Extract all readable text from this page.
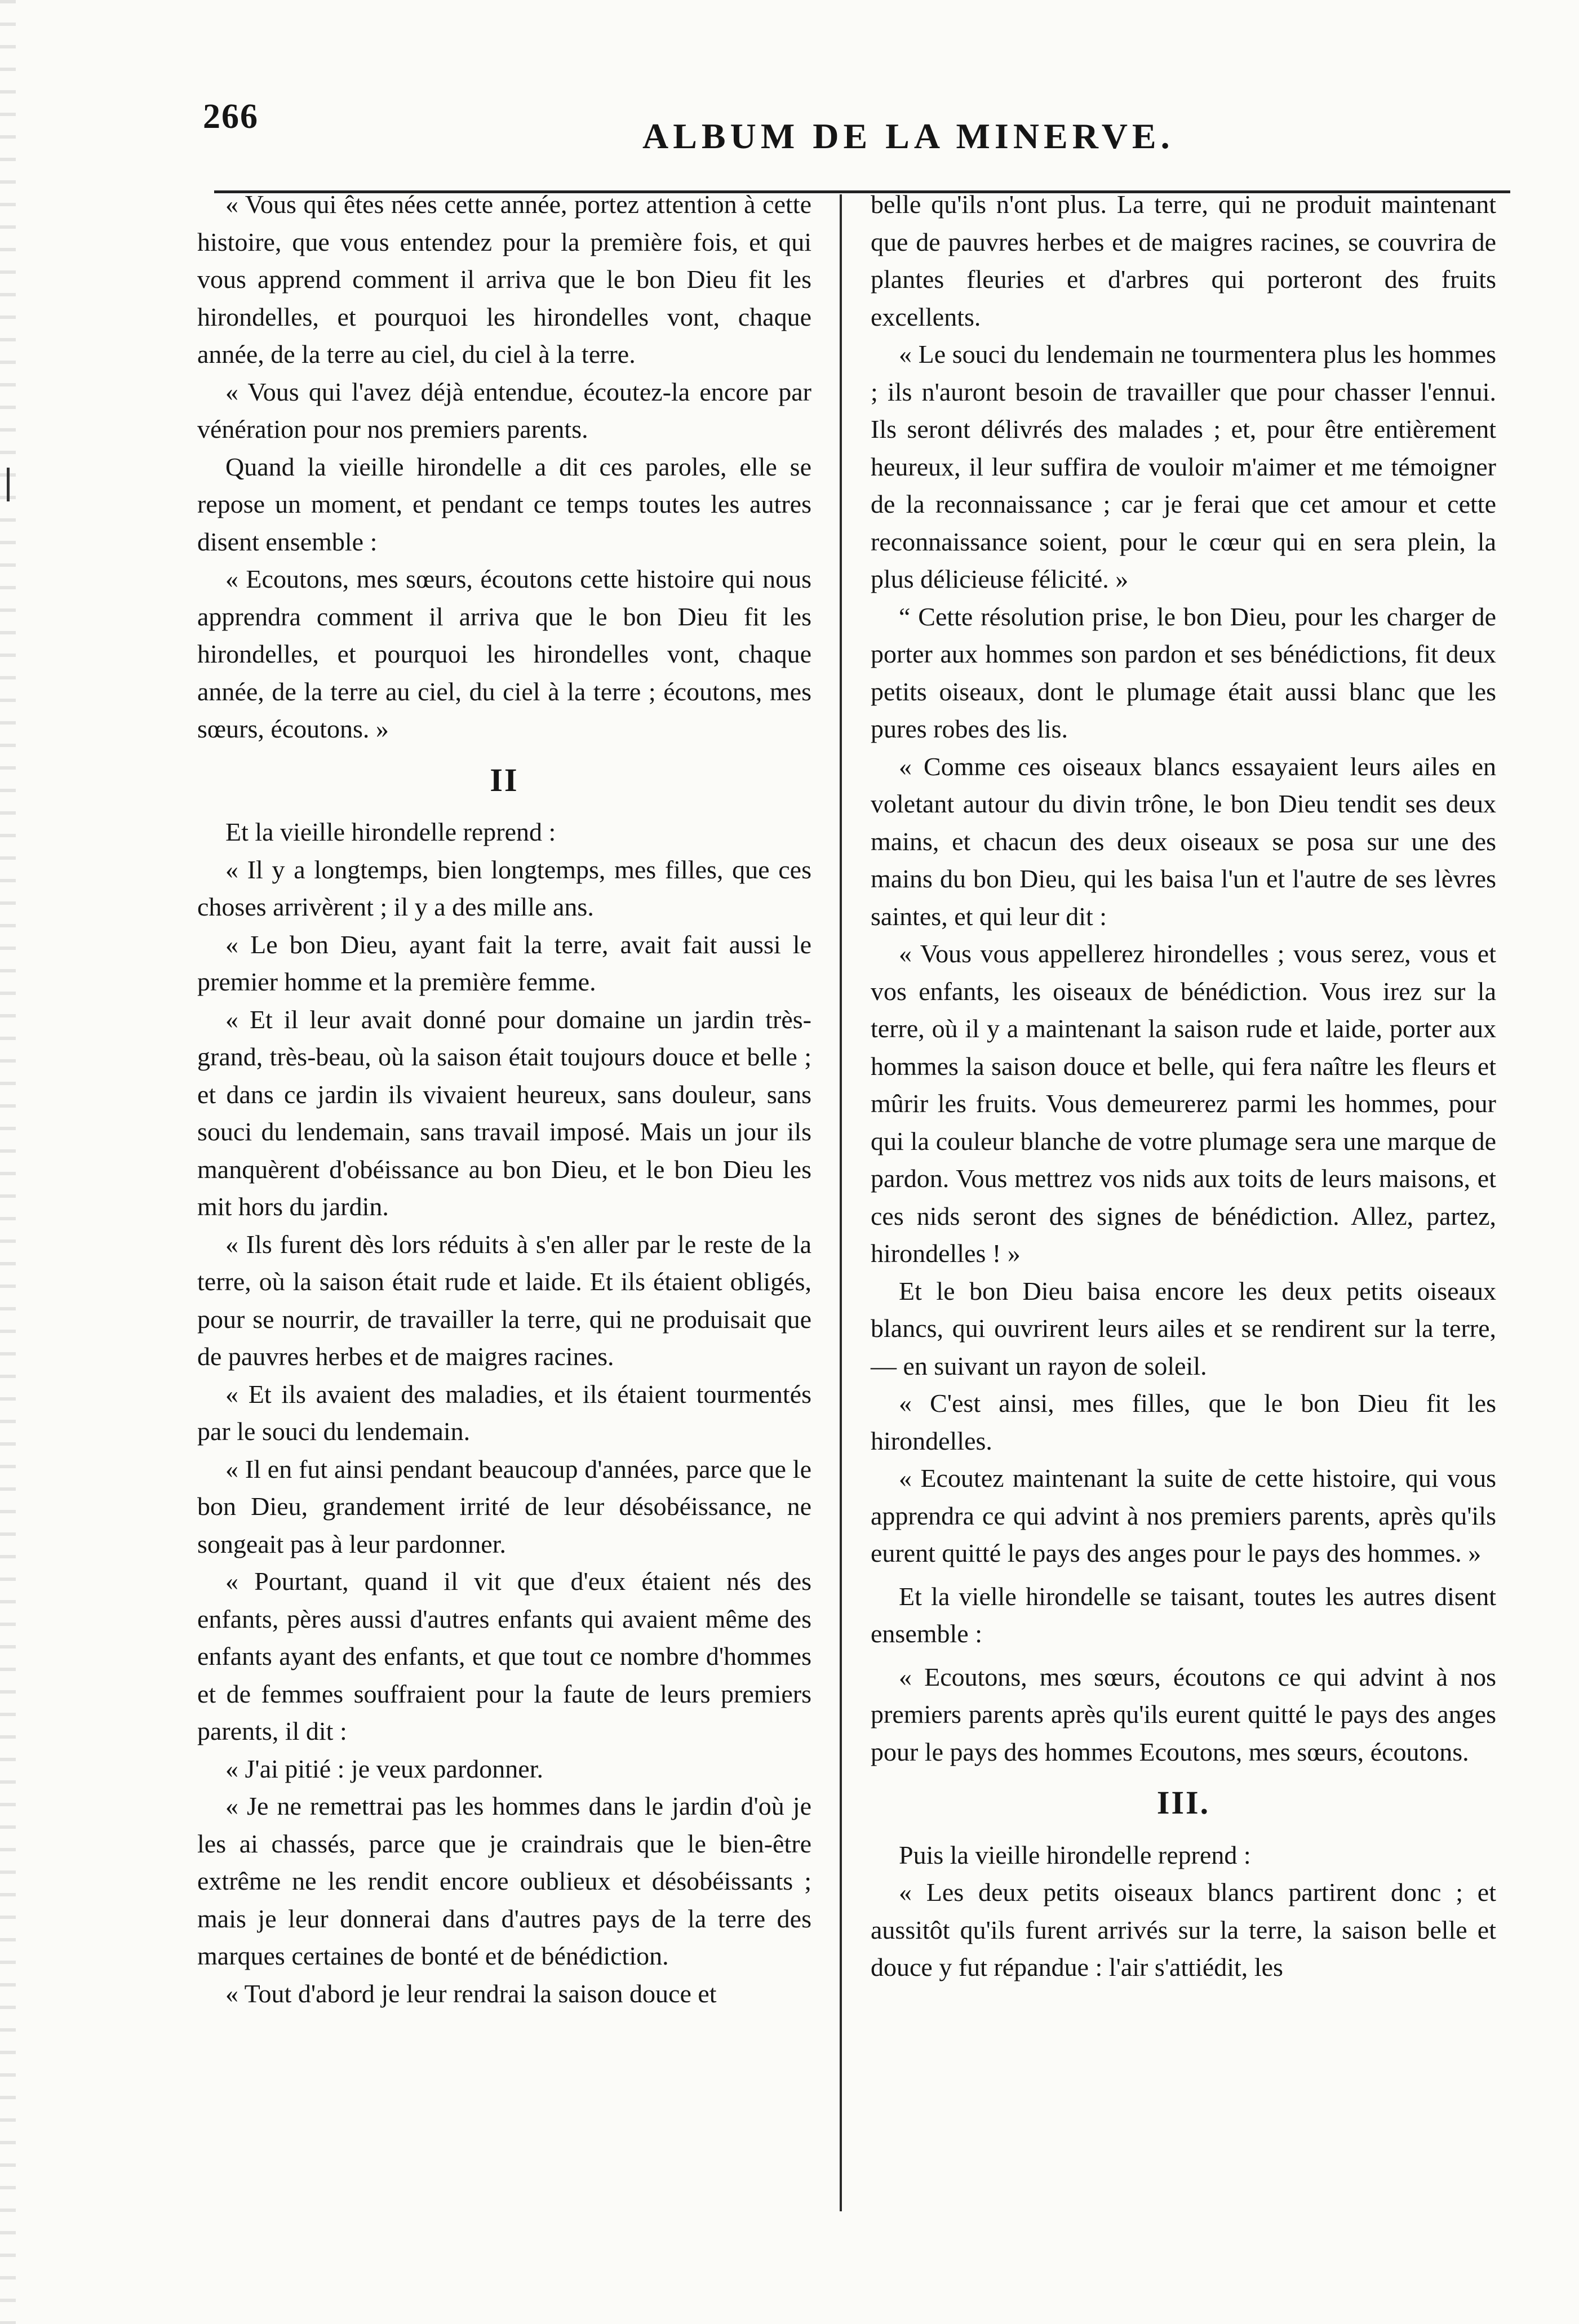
266	ALBUM DE LA MINERVE.

« Vous qui êtes nées cette année, portez attention à cette histoire, que vous entendez pour la première fois, et qui vous apprend comment il arriva que le bon Dieu fit les hirondelles, et pourquoi les hirondelles vont, chaque année, de la terre au ciel, du ciel à la terre.

« Vous qui l'avez déjà entendue, écoutez-la encore par vénération pour nos premiers parents.

Quand la vieille hirondelle a dit ces paroles, elle se repose un moment, et pendant ce temps toutes les autres disent ensemble :

« Ecoutons, mes sœurs, écoutons cette histoire qui nous apprendra comment il arriva que le bon Dieu fit les hirondelles, et pourquoi les hirondelles vont, chaque année, de la terre au ciel, du ciel à la terre ; écoutons, mes sœurs, écoutons. »

II

Et la vieille hirondelle reprend :

« Il y a longtemps, bien longtemps, mes filles, que ces choses arrivèrent ; il y a des mille ans.

« Le bon Dieu, ayant fait la terre, avait fait aussi le premier homme et la première femme.

« Et il leur avait donné pour domaine un jardin très-grand, très-beau, où la saison était toujours douce et belle ; et dans ce jardin ils vivaient heureux, sans douleur, sans souci du lendemain, sans travail imposé. Mais un jour ils manquèrent d'obéissance au bon Dieu, et le bon Dieu les mit hors du jardin.

« Ils furent dès lors réduits à s'en aller par le reste de la terre, où la saison était rude et laide. Et ils étaient obligés, pour se nourrir, de travailler la terre, qui ne produisait que de pauvres herbes et de maigres racines.

« Et ils avaient des maladies, et ils étaient tourmentés par le souci du lendemain.

« Il en fut ainsi pendant beaucoup d'années, parce que le bon Dieu, grandement irrité de leur désobéissance, ne songeait pas à leur pardonner.

« Pourtant, quand il vit que d'eux étaient nés des enfants, pères aussi d'autres enfants qui avaient même des enfants ayant des enfants, et que tout ce nombre d'hommes et de femmes souffraient pour la faute de leurs premiers parents, il dit :

« J'ai pitié : je veux pardonner.

« Je ne remettrai pas les hommes dans le jardin d'où je les ai chassés, parce que je craindrais que le bien-être extrême ne les rendit encore oublieux et désobéissants ; mais je leur donnerai dans d'autres pays de la terre des marques certaines de bonté et de bénédiction.

« Tout d'abord je leur rendrai la saison douce et

belle qu'ils n'ont plus. La terre, qui ne produit maintenant que de pauvres herbes et de maigres racines, se couvrira de plantes fleuries et d'arbres qui porteront des fruits excellents.

« Le souci du lendemain ne tourmentera plus les hommes ; ils n'auront besoin de travailler que pour chasser l'ennui. Ils seront délivrés des malades ; et, pour être entièrement heureux, il leur suffira de vouloir m'aimer et me témoigner de la reconnaissance ; car je ferai que cet amour et cette reconnaissance soient, pour le cœur qui en sera plein, la plus délicieuse félicité. »

“ Cette résolution prise, le bon Dieu, pour les charger de porter aux hommes son pardon et ses bénédictions, fit deux petits oiseaux, dont le plumage était aussi blanc que les pures robes des lis.

« Comme ces oiseaux blancs essayaient leurs ailes en voletant autour du divin trône, le bon Dieu tendit ses deux mains, et chacun des deux oiseaux se posa sur une des mains du bon Dieu, qui les baisa l'un et l'autre de ses lèvres saintes, et qui leur dit :

« Vous vous appellerez hirondelles ; vous serez, vous et vos enfants, les oiseaux de bénédiction. Vous irez sur la terre, où il y a maintenant la saison rude et laide, porter aux hommes la saison douce et belle, qui fera naître les fleurs et mûrir les fruits. Vous demeurerez parmi les hommes, pour qui la couleur blanche de votre plumage sera une marque de pardon. Vous mettrez vos nids aux toits de leurs maisons, et ces nids seront des signes de bénédiction. Allez, partez, hirondelles ! »

Et le bon Dieu baisa encore les deux petits oiseaux blancs, qui ouvrirent leurs ailes et se rendirent sur la terre, — en suivant un rayon de soleil.

« C'est ainsi, mes filles, que le bon Dieu fit les hirondelles.

« Ecoutez maintenant la suite de cette histoire, qui vous apprendra ce qui advint à nos premiers parents, après qu'ils eurent quitté le pays des anges pour le pays des hommes. »

Et la vielle hirondelle se taisant, toutes les autres disent ensemble :

« Ecoutons, mes sœurs, écoutons ce qui advint à nos premiers parents après qu'ils eurent quitté le pays des anges pour le pays des hommes Ecoutons, mes sœurs, écoutons.

III.

Puis la vieille hirondelle reprend :

« Les deux petits oiseaux blancs partirent donc ; et aussitôt qu'ils furent arrivés sur la terre, la saison belle et douce y fut répandue : l'air s'attiédit, les
